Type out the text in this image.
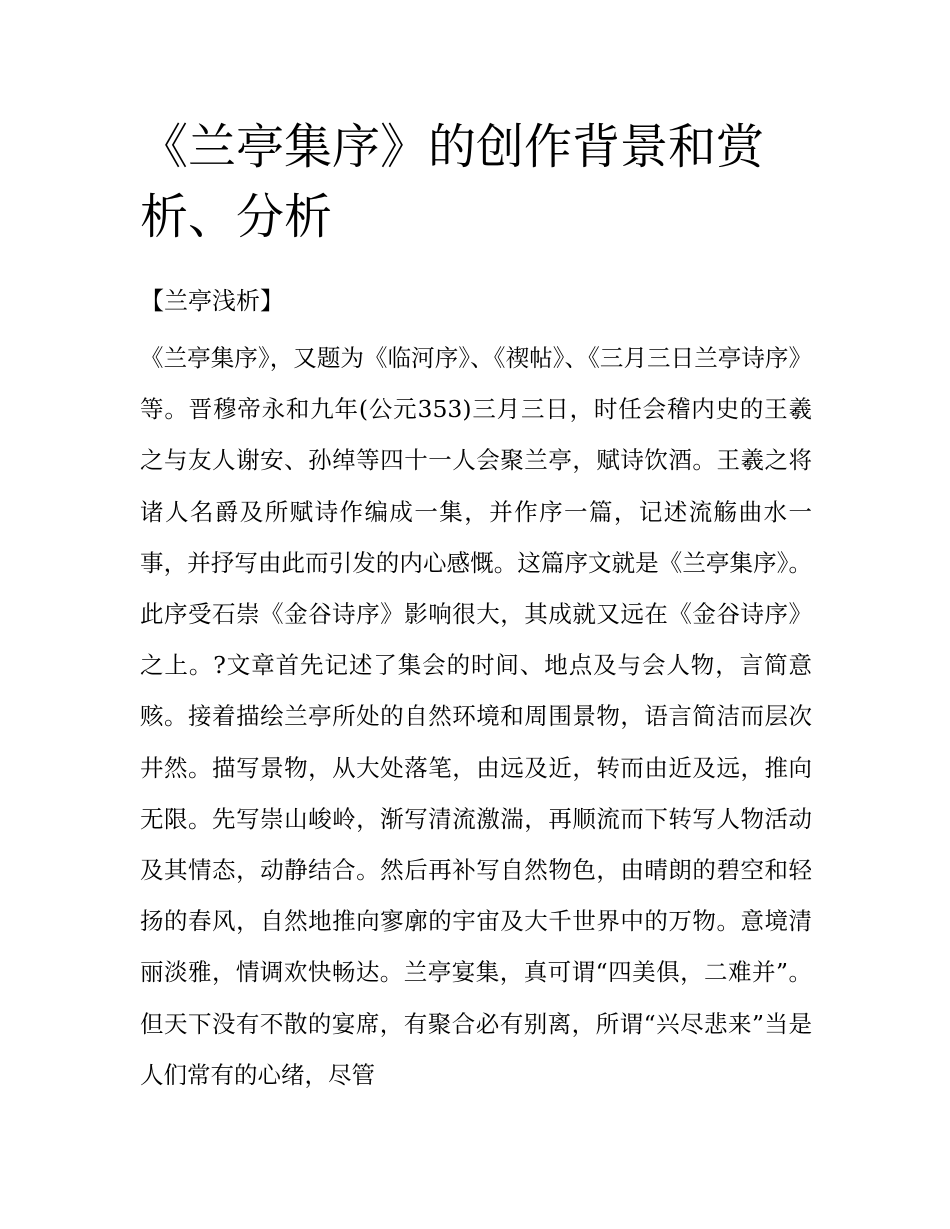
《兰亭集序》的创作背景和赏析、分析
【兰亭浅析】

《兰亭集序》，又题为《临河序》、《禊帖》、《三月三日兰亭诗序》等。晋穆帝永和九年(公元353)三月三日，时任会稽内史的王羲之与友人谢安、孙绰等四十一人会聚兰亭，赋诗饮酒。王羲之将诸人名爵及所赋诗作编成一集，并作序一篇，记述流觞曲水一事，并抒写由此而引发的内心感慨。这篇序文就是《兰亭集序》。此序受石崇《金谷诗序》影响很大，其成就又远在《金谷诗序》之上。?文章首先记述了集会的时间、地点及与会人物，言简意赅。接着描绘兰亭所处的自然环境和周围景物，语言简洁而层次井然。描写景物，从大处落笔，由远及近，转而由近及远，推向无限。先写崇山峻岭，渐写清流激湍，再顺流而下转写人物活动及其情态，动静结合。然后再补写自然物色，由晴朗的碧空和轻扬的春风，自然地推向寥廓的宇宙及大千世界中的万物。意境清丽淡雅，情调欢快畅达。兰亭宴集，真可谓“四美俱，二难并”。但天下没有不散的宴席，有聚合必有别离，所谓“兴尽悲来”当是人们常有的心绪，尽管
